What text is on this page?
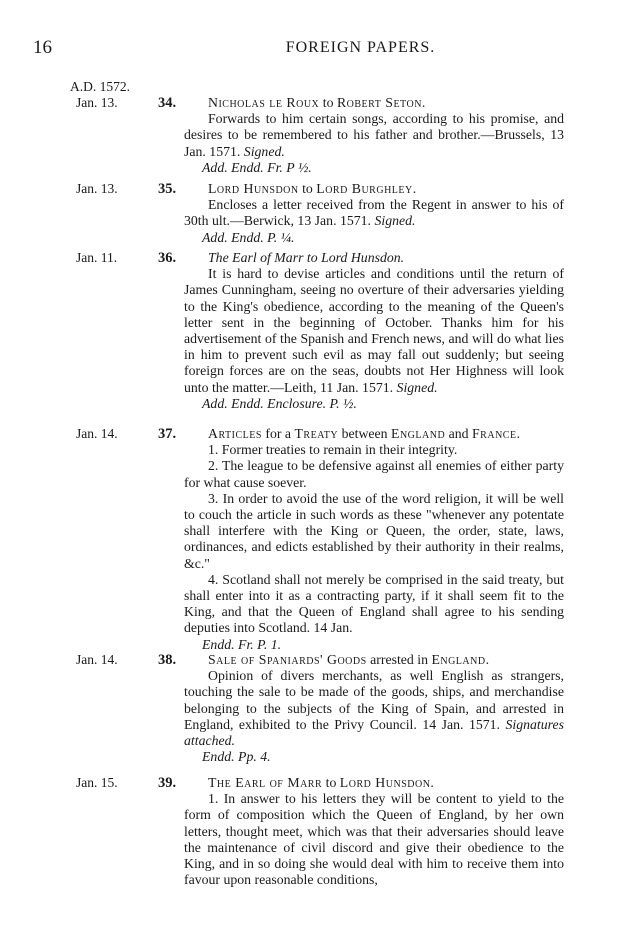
16	FOREIGN PAPERS.
A.D. 1572.
Jan. 13.	34. Nicholas le Roux to Robert Seton.
Forwards to him certain songs, according to his promise, and desires to be remembered to his father and brother.—Brussels, 13 Jan. 1571. Signed.
Add. Endd. Fr. P ½.
Jan. 13.	35. Lord Hunsdon to Lord Burghley.
Encloses a letter received from the Regent in answer to his of 30th ult.—Berwick, 13 Jan. 1571. Signed.
Add. Endd. P. ¼.
Jan. 11.	36. The Earl of Marr to Lord Hunsdon.
It is hard to devise articles and conditions until the return of James Cunningham, seeing no overture of their adversaries yielding to the King's obedience, according to the meaning of the Queen's letter sent in the beginning of October. Thanks him for his advertisement of the Spanish and French news, and will do what lies in him to prevent such evil as may fall out suddenly; but seeing foreign forces are on the seas, doubts not Her Highness will look unto the matter.—Leith, 11 Jan. 1571. Signed.
Add. Endd. Enclosure. P. ½.
Jan. 14.	37. Articles for a Treaty between England and France.
1. Former treaties to remain in their integrity.
2. The league to be defensive against all enemies of either party for what cause soever.
3. In order to avoid the use of the word religion, it will be well to couch the article in such words as these "whenever any potentate shall interfere with the King or Queen, the order, state, laws, ordinances, and edicts established by their authority in their realms, &c."
4. Scotland shall not merely be comprised in the said treaty, but shall enter into it as a contracting party, if it shall seem fit to the King, and that the Queen of England shall agree to his sending deputies into Scotland. 14 Jan.
Endd. Fr. P. 1.
Jan. 14.	38. Sale of Spaniards' Goods arrested in England.
Opinion of divers merchants, as well English as strangers, touching the sale to be made of the goods, ships, and merchandise belonging to the subjects of the King of Spain, and arrested in England, exhibited to the Privy Council. 14 Jan. 1571. Signatures attached.
Endd. Pp. 4.
Jan. 15.	39. The Earl of Marr to Lord Hunsdon.
1. In answer to his letters they will be content to yield to the form of composition which the Queen of England, by her own letters, thought meet, which was that their adversaries should leave the maintenance of civil discord and give their obedience to the King, and in so doing she would deal with him to receive them into favour upon reasonable conditions,
